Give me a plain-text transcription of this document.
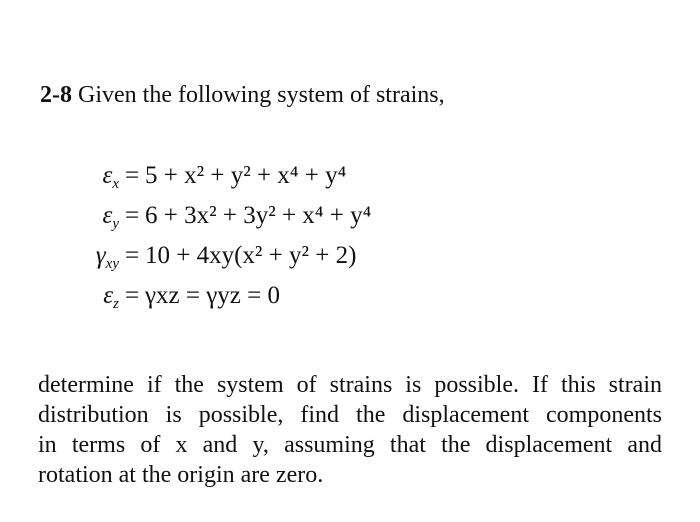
2-8 Given the following system of strains,
$\varepsilon_x = 5 + x^2 + y^2 + x^4 + y^4$
$\varepsilon_y = 6 + 3x^2 + 3y^2 + x^4 + y^4$
$\gamma_{xy} = 10 + 4xy(x^2 + y^2 + 2)$
$\varepsilon_z = \gamma xz = \gamma yz = 0$
determine if the system of strains is possible. If this strain
distribution is possible, find the displacement components
in terms of x and y, assuming that the displacement and
rotation at the origin are zero.
